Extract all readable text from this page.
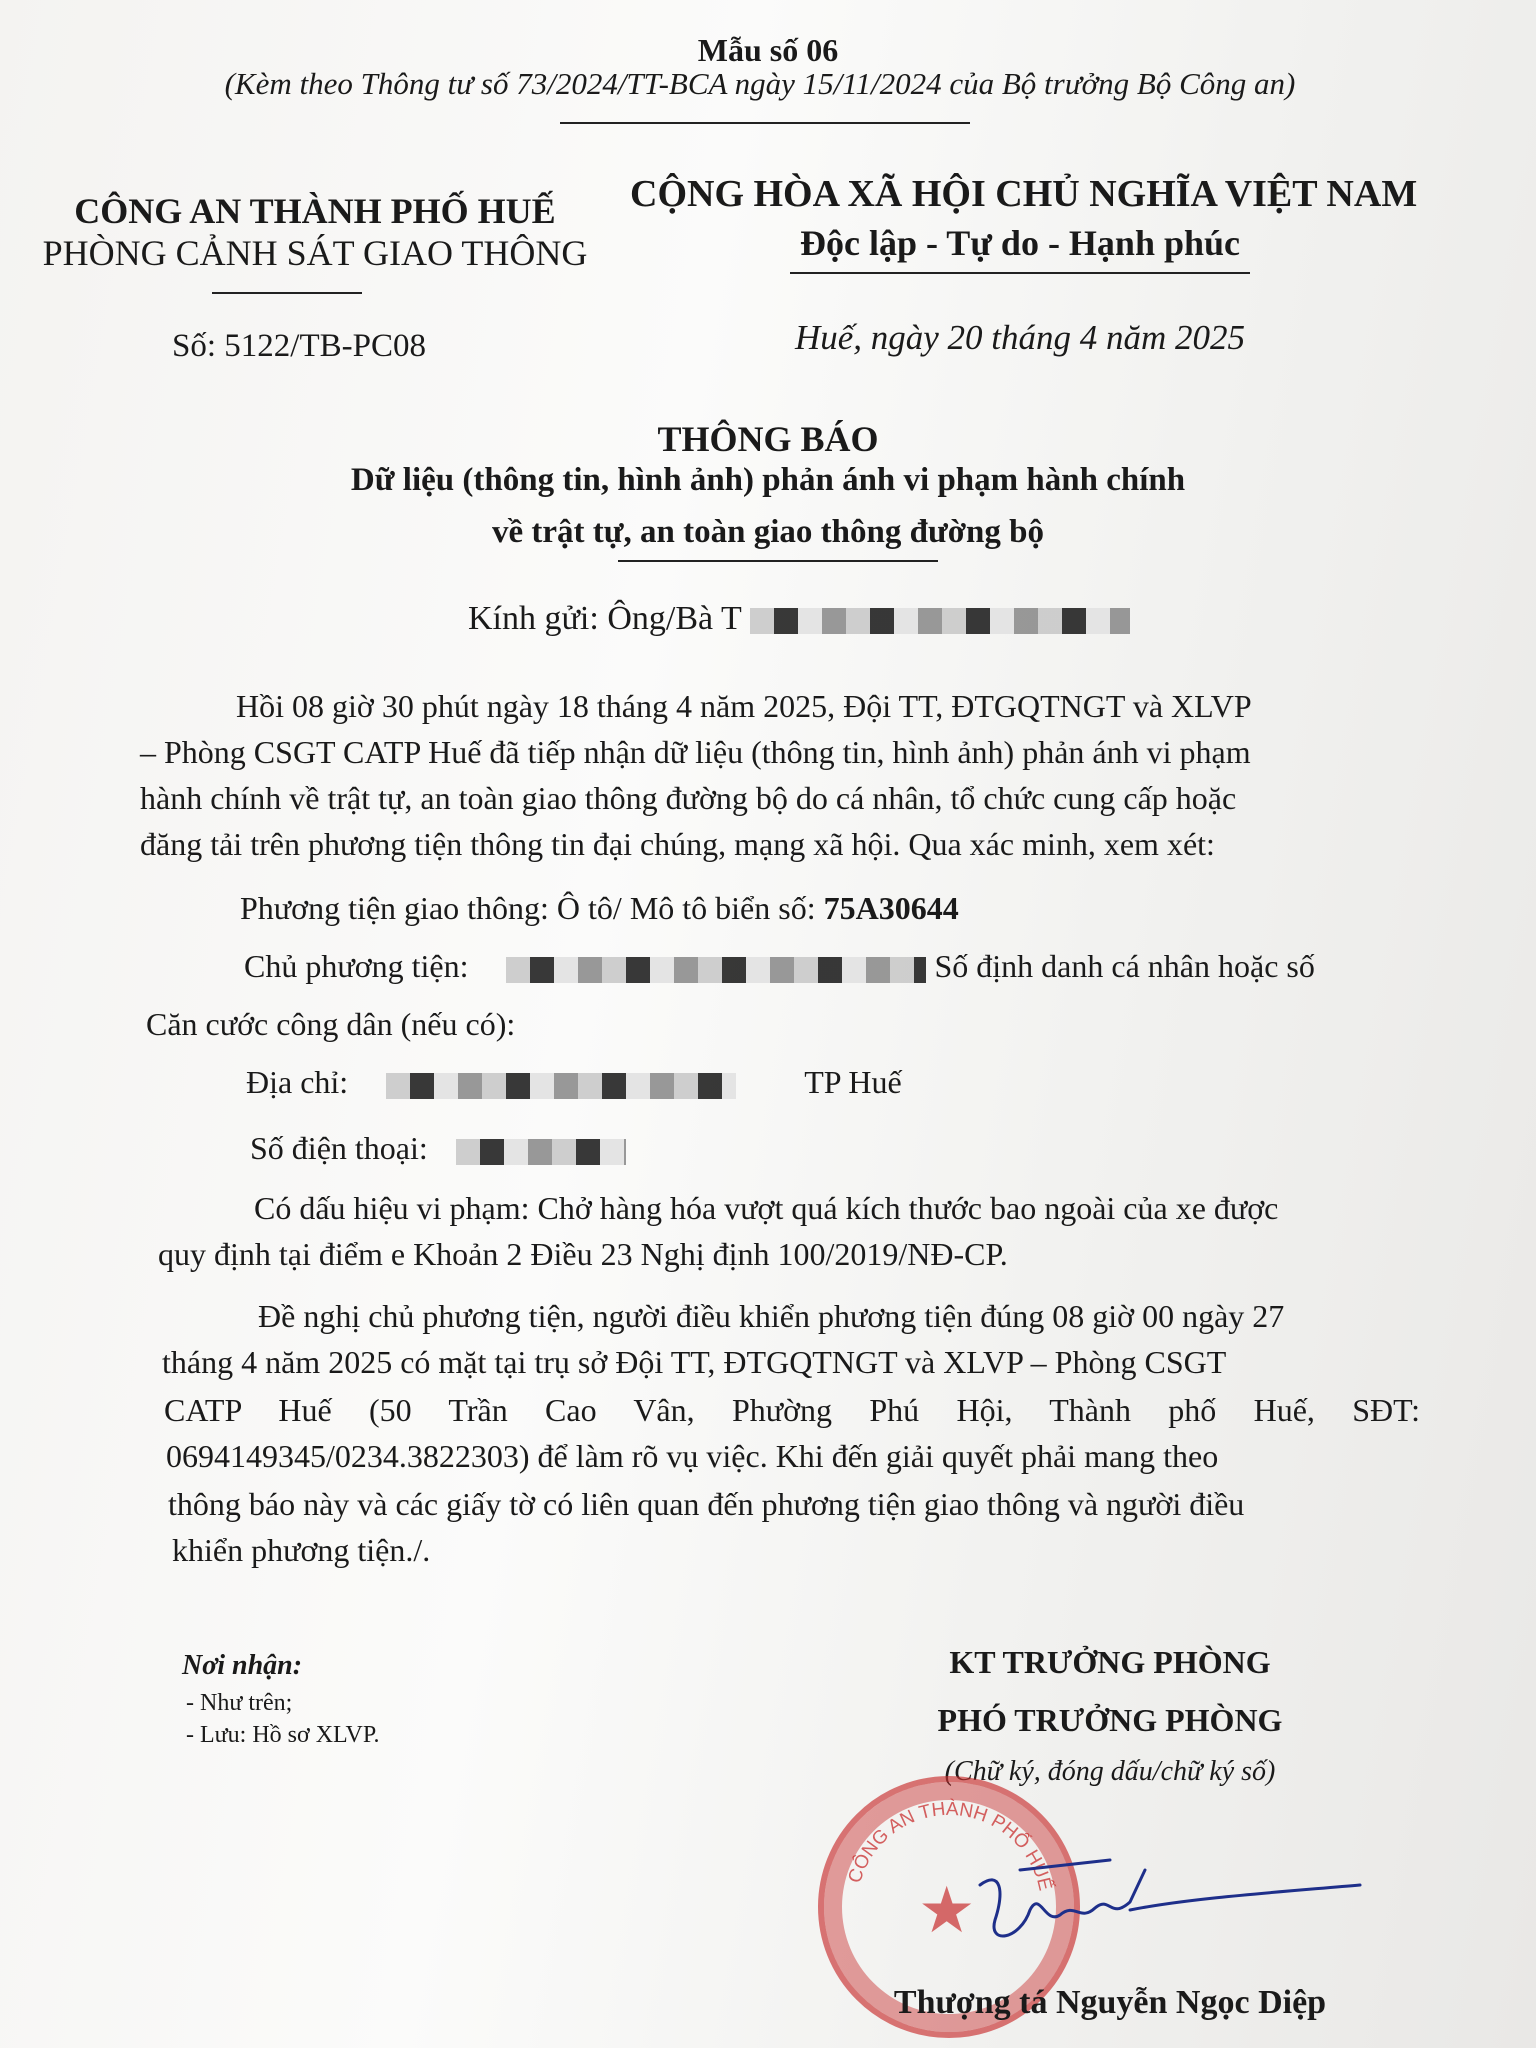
Mẫu số 06
(Kèm theo Thông tư số 73/2024/TT-BCA ngày 15/11/2024 của Bộ trưởng Bộ Công an)
CÔNG AN THÀNH PHỐ HUẾ
PHÒNG CẢNH SÁT GIAO THÔNG
Số: 5122/TB-PC08
CỘNG HÒA XÃ HỘI CHỦ NGHĨA VIỆT NAM
Độc lập - Tự do - Hạnh phúc
Huế, ngày 20 tháng 4 năm 2025
THÔNG BÁO
Dữ liệu (thông tin, hình ảnh) phản ánh vi phạm hành chính
về trật tự, an toàn giao thông đường bộ
Kính gửi: Ông/Bà T
Hồi 08 giờ 30 phút ngày 18 tháng 4 năm 2025, Đội TT, ĐTGQTNGT và XLVP
– Phòng CSGT CATP Huế đã tiếp nhận dữ liệu (thông tin, hình ảnh) phản ánh vi phạm
hành chính về trật tự, an toàn giao thông đường bộ do cá nhân, tổ chức cung cấp hoặc
đăng tải trên phương tiện thông tin đại chúng, mạng xã hội. Qua xác minh, xem xét:
Phương tiện giao thông: Ô tô/ Mô tô biển số: 75A30644
Chủ phương tiện:	Số định danh cá nhân hoặc số
Căn cước công dân (nếu có):
Địa chỉ:	TP Huế
Số điện thoại:
Có dấu hiệu vi phạm: Chở hàng hóa vượt quá kích thước bao ngoài của xe được
quy định tại điểm e Khoản 2 Điều 23 Nghị định 100/2019/NĐ-CP.
Đề nghị chủ phương tiện, người điều khiển phương tiện đúng 08 giờ 00 ngày 27
tháng 4 năm 2025 có mặt tại trụ sở Đội TT, ĐTGQTNGT và XLVP – Phòng CSGT
CATP Huế (50 Trần Cao Vân, Phường Phú Hội, Thành phố Huế, SĐT:
0694149345/0234.3822303) để làm rõ vụ việc. Khi đến giải quyết phải mang theo
thông báo này và các giấy tờ có liên quan đến phương tiện giao thông và người điều
khiển phương tiện./.
Nơi nhận:
- Như trên;
- Lưu: Hồ sơ XLVP.
KT TRƯỞNG PHÒNG
PHÓ TRƯỞNG PHÒNG
(Chữ ký, đóng dấu/chữ ký số)
CÔNG AN THÀNH PHỐ HUẾ
★
Thượng tá Nguyễn Ngọc Diệp
